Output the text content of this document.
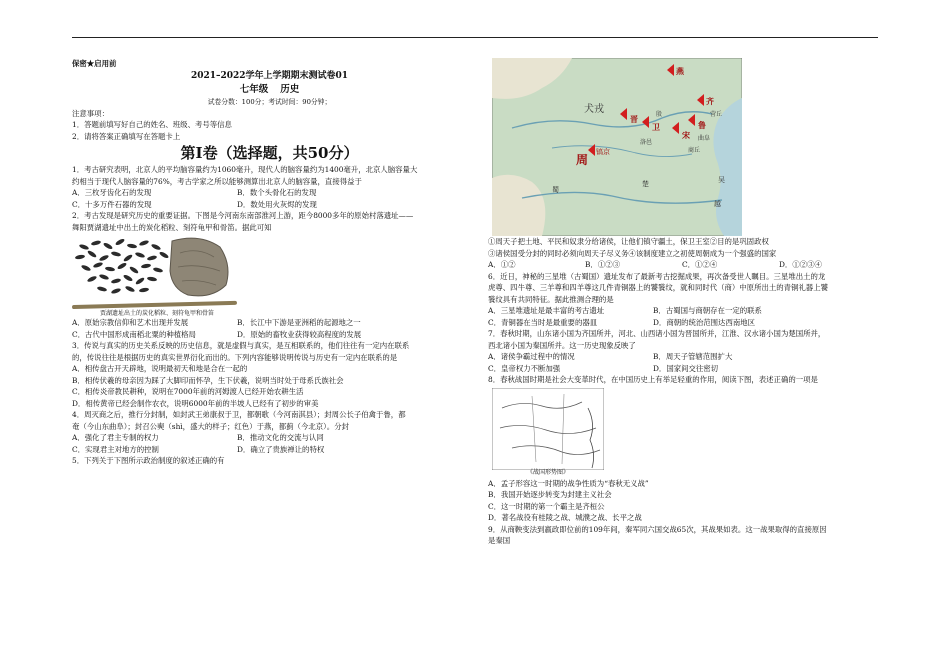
保密★启用前

2021–2022学年上学期期末测试卷01

七年级 历史

试卷分数：100分；考试时间：90分钟；

注意事项：

1．答题前填写好自己的姓名、班级、考号等信息

2．请将答案正确填写在答题卡上

第Ⅰ卷（选择题，共50分）

1．考古研究表明，北京人的平均脑容量约为1060毫升，现代人的脑容量约为1400毫升，北京人脑容量大

约相当于现代人脑容量的76%，考古学家之所以能够测算出北京人的脑容量，直接得益于

A．三枚牙齿化石的发现	B．数个头骨化石的发现

C．十多万件石器的发现	D．数处用火灰烬的发现

2．考古发现是研究历史的重要证据。下图是今河南东南部淮河上游，距今8000多年的原始村落遗址——

舞阳贾湖遗址中出土的炭化稻粒、刻符龟甲和骨笛。据此可知

贾湖遗址出土的炭化稻粒、刻符龟甲和骨笛

A．原始宗教信仰和艺术出现并发展	B．长江中下游是亚洲稻的起源地之一

C．古代中国形成南稻北粟的种植格局	D．原始的畜牧业获得较高程度的发展

3．传说与真实的历史关系反映的历史信息，就是虚假与真实，是互相联系的，他们往往有一定内在联系

的，传说往往是根据历史的真实世界衍化而出的。下列内容能够说明传说与历史有一定内在联系的是

A．相传盘古开天辟地，说明最初天和地是合在一起的

B．相传伏羲的母亲因为踩了大脚印而怀孕，生下伏羲，说明当时处于母系氏族社会

C．相传炎帝教民耕种，说明在7000年前的河姆渡人已经开始农耕生活

D．相传黄帝已经会制作农衣，说明6000年前的半坡人已经有了初步的审美

4．周灭商之后，推行分封制，如封武王弟康叔于卫，都朝歌（今河南淇县）；封周公长子伯禽于鲁，都

奄（今山东曲阜）；封召公奭（shì，盛大的样子；红色）于燕，都蓟（今北京）。分封

A．强化了君主专制的权力	B．推动文化的交流与认同

C．实现君主对地方的控制	D．确立了贵族禅让的特权

5．下列关于下图所示政治制度的叙述正确的有

燕
犬戎
晋
卫
宋
鲁
齐
周
镐京
洛邑
殷
商丘
曲阜
营丘
楚	吴
越
蜀

①周天子把土地、平民和奴隶分给诸侯，让他们镇守疆土，保卫王室②目的是巩固政权

③诸侯国受分封的同时必须向周天子尽义务④该制度建立之初使周朝成为一个强盛的国家

A．①②	B．①②③	C．①②④	D．①②③④

6．近日，神秘的三星堆（古蜀国）遗址发布了最新考古挖掘成果，再次备受世人瞩目。三星堆出土的龙

虎尊、四牛尊、三羊尊和四羊尊这几件青铜器上的饕餮纹，就和同时代（商）中原所出土的青铜礼器上饕

餮纹具有共同特征。据此推测合理的是

A．三星堆遗址是最丰富的考古遗址	B．古蜀国与商朝存在一定的联系

C．青铜器在当时是最重要的器皿	D．商朝的统治范围达西南地区

7．春秋时期，山东诸小国为齐国所并，河北、山西诸小国为晋国所并，江淮、汉水诸小国为楚国所并，

西北诸小国为秦国所并。这一历史现象反映了

A．诸侯争霸过程中的情况	B．周天子管辖范围扩大

C．皇帝权力不断加强	D．国家间交往密切

8．春秋战国时期是社会大变革时代，在中国历史上有举足轻重的作用，阅读下图，表述正确的一项是

《战国形势图》

A．孟子形容这一时期的战争性质为“春秋无义战”

B．我国开始逐步转变为封建主义社会

C．这一时期的第一个霸主是齐桓公

D．著名战役有桂陵之战、城濮之战、长平之战

9．从商鞅变法到嬴政即位前的109年间，秦军同六国交战65次，其战果如表。这一战果取得的直接原因

是秦国
